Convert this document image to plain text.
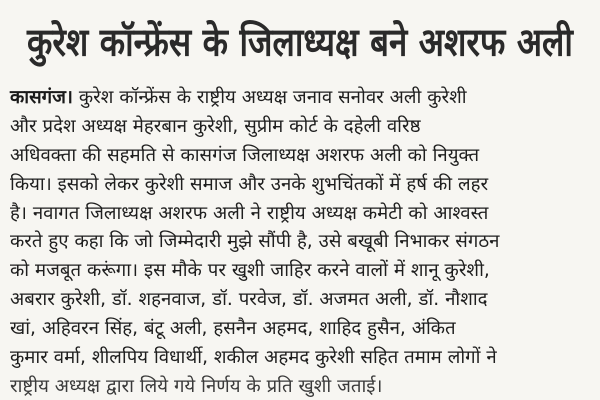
कुरेश कॉन्फ्रेंस के जिलाध्यक्ष बने अशरफ अली
कासगंज। कुरेश कॉन्फ्रेंस के राष्ट्रीय अध्यक्ष जनाव सनोवर अली कुरेशी
और प्रदेश अध्यक्ष मेहरबान कुरेशी, सुप्रीम कोर्ट के दहेली वरिष्ठ
अधिवक्ता की सहमति से कासगंज जिलाध्यक्ष अशरफ अली को नियुक्त
किया। इसको लेकर कुरेशी समाज और उनके शुभचिंतकों में हर्ष की लहर
है। नवागत जिलाध्यक्ष अशरफ अली ने राष्ट्रीय अध्यक्ष कमेटी को आश्वस्त
करते हुए कहा कि जो जिम्मेदारी मुझे सौंपी है, उसे बखूबी निभाकर संगठन
को मजबूत करूंगा। इस मौके पर खुशी जाहिर करने वालों में शानू कुरेशी,
अबरार कुरेशी, डॉ. शहनवाज, डॉ. परवेज, डॉ. अजमत अली, डॉ. नौशाद
खां, अहिवरन सिंह, बंटू अली, हसनैन अहमद, शाहिद हुसैन, अंकित
कुमार वर्मा, शीलपिय विधार्थी, शकील अहमद कुरेशी सहित तमाम लोगों ने
राष्ट्रीय अध्यक्ष द्वारा लिये गये निर्णय के प्रति खुशी जताई।
